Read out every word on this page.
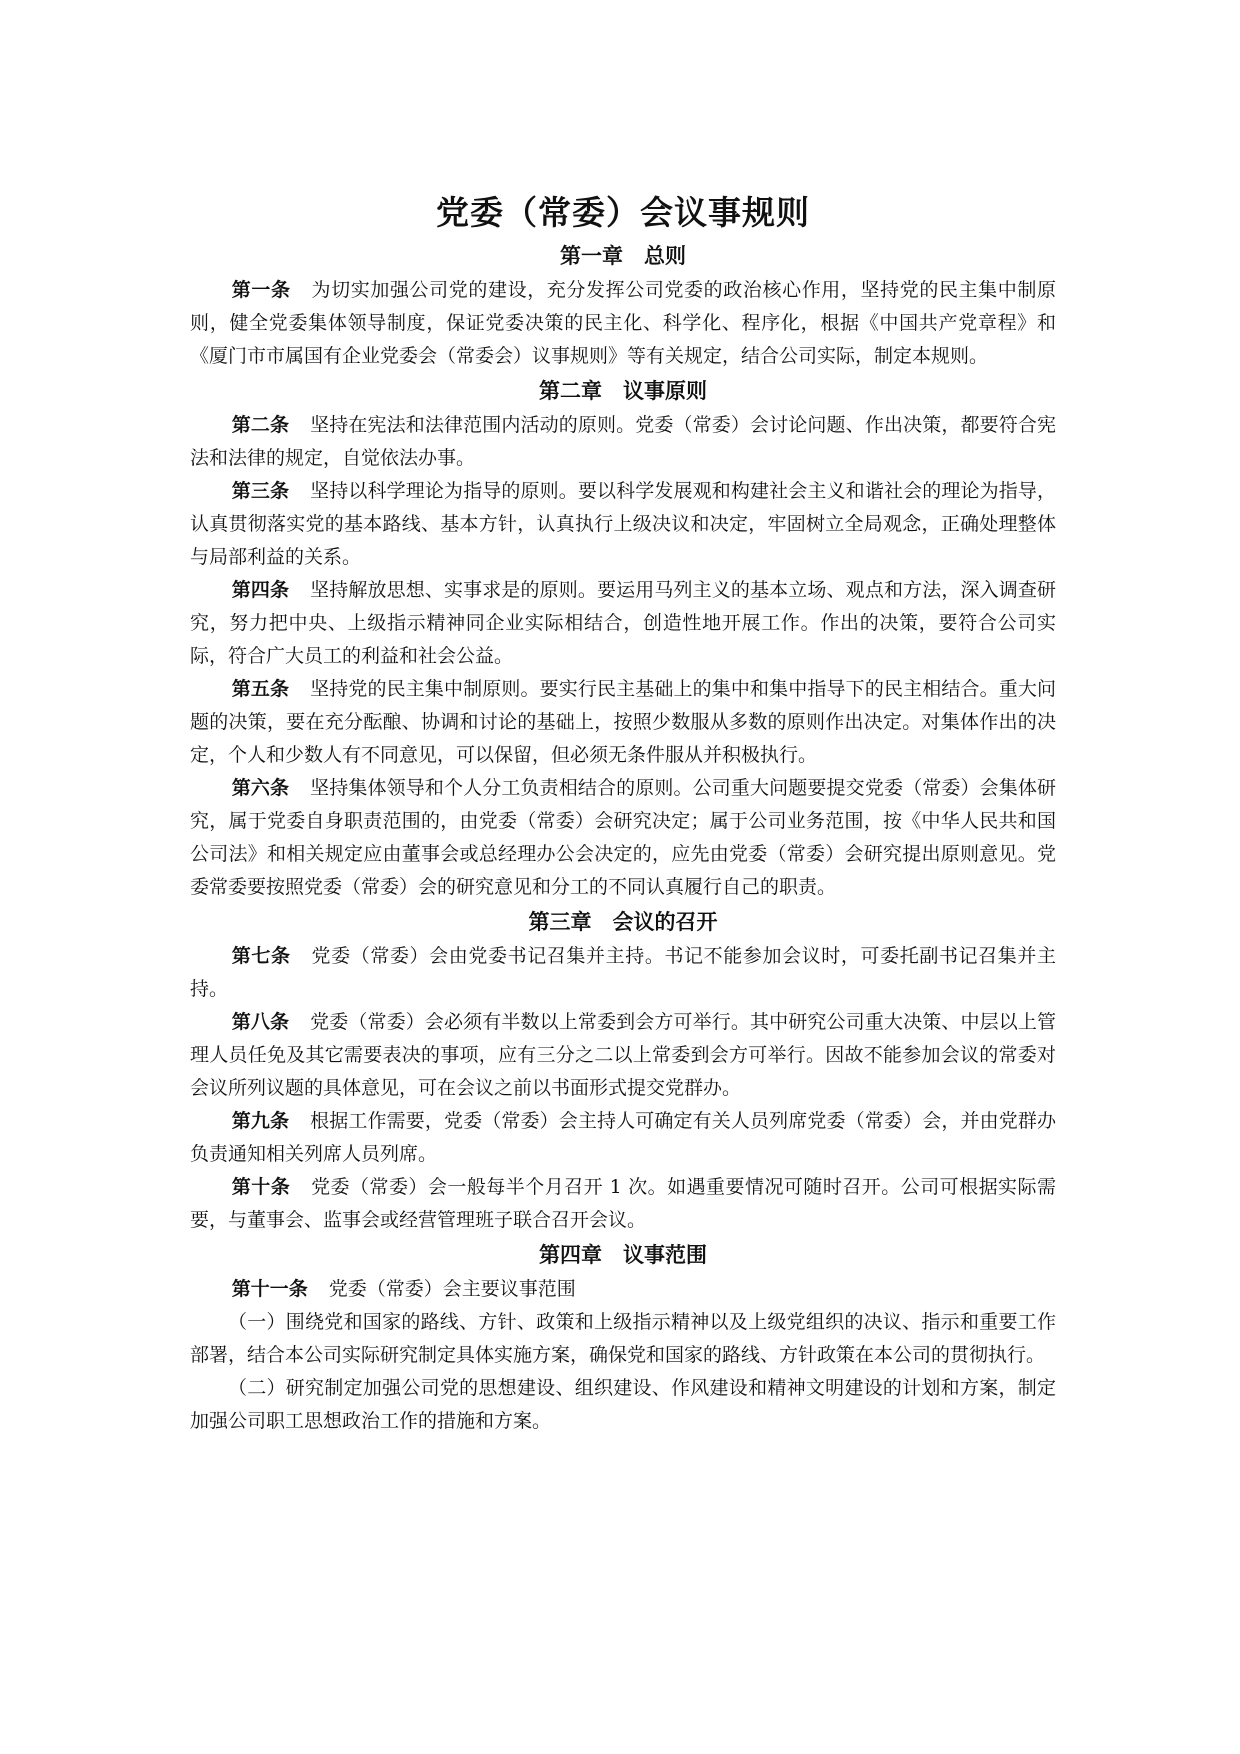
党委（常委）会议事规则
第一章　总则

第一条 为切实加强公司党的建设，充分发挥公司党委的政治核心作用，坚持党的民主集中制原则，健全党委集体领导制度，保证党委决策的民主化、科学化、程序化，根据《中国共产党章程》和《厦门市市属国有企业党委会（常委会）议事规则》等有关规定，结合公司实际，制定本规则。

第二章　议事原则

第二条 坚持在宪法和法律范围内活动的原则。党委（常委）会讨论问题、作出决策，都要符合宪法和法律的规定，自觉依法办事。

第三条 坚持以科学理论为指导的原则。要以科学发展观和构建社会主义和谐社会的理论为指导，认真贯彻落实党的基本路线、基本方针，认真执行上级决议和决定，牢固树立全局观念，正确处理整体与局部利益的关系。

第四条 坚持解放思想、实事求是的原则。要运用马列主义的基本立场、观点和方法，深入调查研究，努力把中央、上级指示精神同企业实际相结合，创造性地开展工作。作出的决策，要符合公司实际，符合广大员工的利益和社会公益。

第五条 坚持党的民主集中制原则。要实行民主基础上的集中和集中指导下的民主相结合。重大问题的决策，要在充分酝酿、协调和讨论的基础上，按照少数服从多数的原则作出决定。对集体作出的决定，个人和少数人有不同意见，可以保留，但必须无条件服从并积极执行。

第六条 坚持集体领导和个人分工负责相结合的原则。公司重大问题要提交党委（常委）会集体研究，属于党委自身职责范围的，由党委（常委）会研究决定；属于公司业务范围，按《中华人民共和国公司法》和相关规定应由董事会或总经理办公会决定的，应先由党委（常委）会研究提出原则意见。党委常委要按照党委（常委）会的研究意见和分工的不同认真履行自己的职责。

第三章　会议的召开

第七条 党委（常委）会由党委书记召集并主持。书记不能参加会议时，可委托副书记召集并主持。

第八条 党委（常委）会必须有半数以上常委到会方可举行。其中研究公司重大决策、中层以上管理人员任免及其它需要表决的事项，应有三分之二以上常委到会方可举行。因故不能参加会议的常委对会议所列议题的具体意见，可在会议之前以书面形式提交党群办。

第九条 根据工作需要，党委（常委）会主持人可确定有关人员列席党委（常委）会，并由党群办负责通知相关列席人员列席。

第十条 党委（常委）会一般每半个月召开 1 次。如遇重要情况可随时召开。公司可根据实际需要，与董事会、监事会或经营管理班子联合召开会议。

第四章　议事范围

第十一条 党委（常委）会主要议事范围

（一）围绕党和国家的路线、方针、政策和上级指示精神以及上级党组织的决议、指示和重要工作部署，结合本公司实际研究制定具体实施方案，确保党和国家的路线、方针政策在本公司的贯彻执行。

（二）研究制定加强公司党的思想建设、组织建设、作风建设和精神文明建设的计划和方案，制定加强公司职工思想政治工作的措施和方案。
